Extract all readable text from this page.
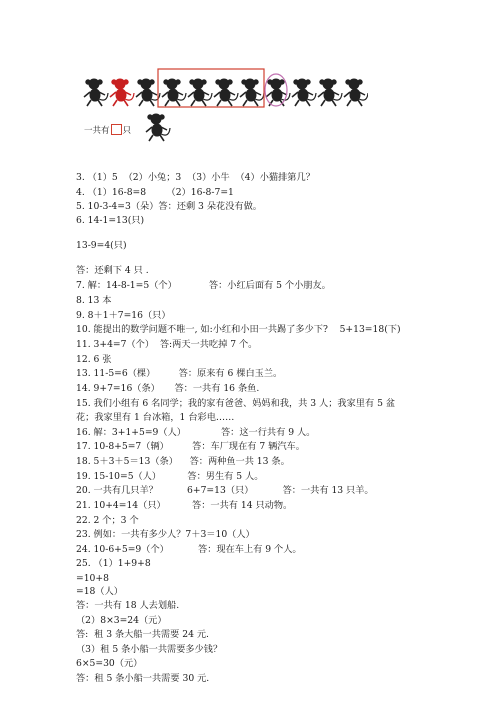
一共有 只
3. （1）5  （2）小兔；3  （3）小牛  （4）小猫排第几？
4. （1）16-8=8       （2）16-8-7=1
5. 10-3-4=3（朵）答：还剩 3 朵花没有做。
6. 14-1=13(只)
13-9=4(只)
答：还剩下 4 只 .
7. 解：14-8-1=5（个）           答：小红后面有 5 个小朋友。
8. 13 本
9. 8＋1＋7=16（只）
10. 能提出的数学问题不唯一, 如:小红和小田一共踢了多少下?    5+13=18(下)
11. 3+4=7（个）  答:两天一共吃掉 7 个。
12. 6 张
13. 11-5=6（棵）        答：原来有 6 棵白玉兰。
14. 9+7=16（条）     答：一共有 16 条鱼.
15. 我们小组有 6 名同学；我的家有爸爸、妈妈和我，共 3 人；我家里有 5 盆
花；我家里有 1 台冰箱，1 台彩电……
16. 解：3+1+5=9（人）            答：这一行共有 9 人。
17. 10-8+5=7（辆）        答：车厂现在有 7 辆汽车。
18. 5＋3＋5＝13（条）    答：两种鱼一共 13 条。
19. 15-10=5（人）         答：男生有 5 人。
20. 一共有几只羊？          6+7=13（只）          答：一共有 13 只羊。
21. 10+4=14（只）         答：一共有 14 只动物。
22. 2 个；3 个
23. 例如：一共有多少人？7＋3＝10（人）
24. 10-6+5=9（个）          答：现在车上有 9 个人。
25. （1）1+9+8
=10+8
=18（人）
答：一共有 18 人去划船.
（2）8×3=24（元）
答:  租 3 条大船一共需要 24 元.
（3）租 5 条小船一共需要多少钱？
6×5=30（元）
答：租 5 条小船一共需要 30 元.
